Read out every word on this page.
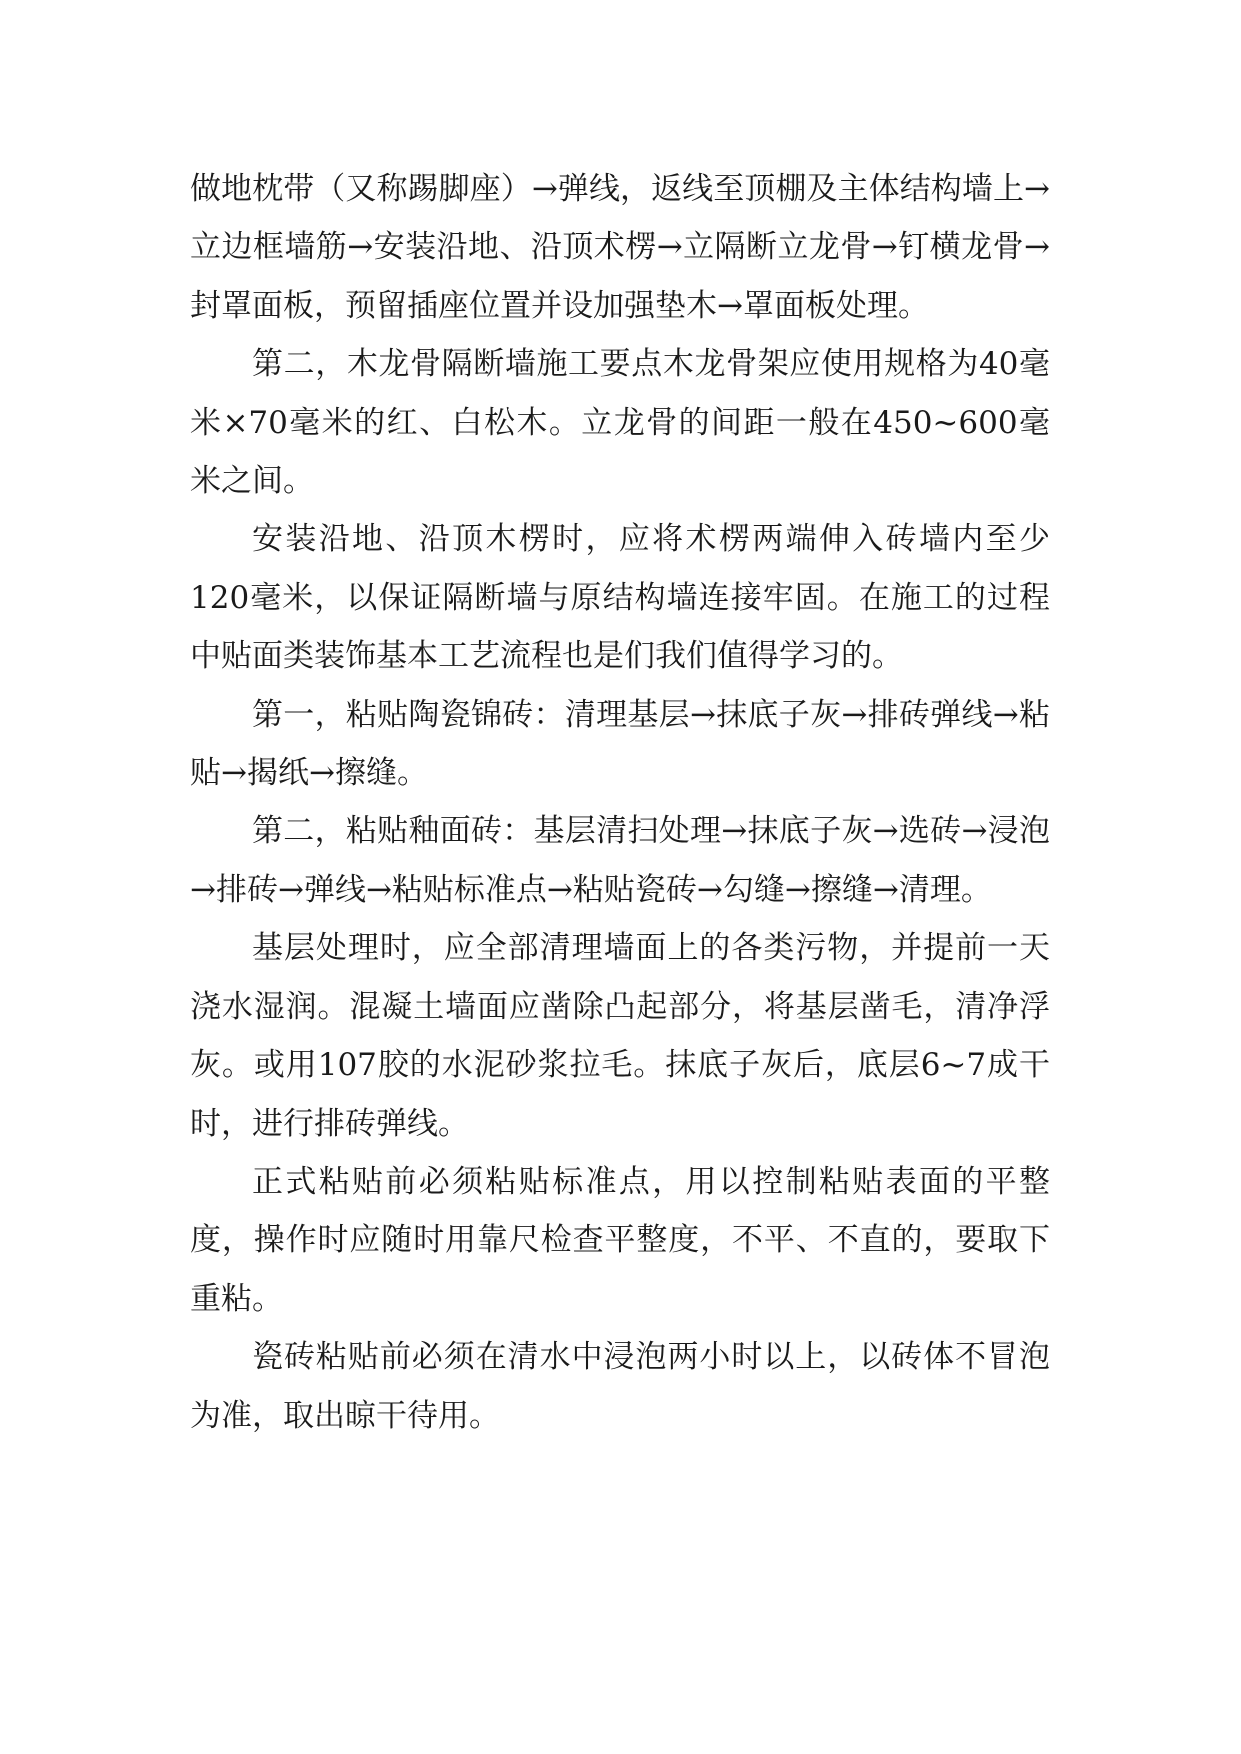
做地枕带（又称踢脚座）→弹线，返线至顶棚及主体结构墙上→立边框墙筋→安装沿地、沿顶术楞→立隔断立龙骨→钉横龙骨→封罩面板，预留插座位置并设加强垫木→罩面板处理。

第二，木龙骨隔断墙施工要点木龙骨架应使用规格为40毫米×70毫米的红、白松木。立龙骨的间距一般在450~600毫米之间。

安装沿地、沿顶木楞时，应将术楞两端伸入砖墙内至少120毫米，以保证隔断墙与原结构墙连接牢固。在施工的过程中贴面类装饰基本工艺流程也是们我们值得学习的。

第一，粘贴陶瓷锦砖：清理基层→抹底子灰→排砖弹线→粘贴→揭纸→擦缝。

第二，粘贴釉面砖：基层清扫处理→抹底子灰→选砖→浸泡→排砖→弹线→粘贴标准点→粘贴瓷砖→勾缝→擦缝→清理。

基层处理时，应全部清理墙面上的各类污物，并提前一天浇水湿润。混凝土墙面应凿除凸起部分，将基层凿毛，清净浮灰。或用107胶的水泥砂浆拉毛。抹底子灰后，底层6~7成干时，进行排砖弹线。

正式粘贴前必须粘贴标准点，用以控制粘贴表面的平整度，操作时应随时用靠尺检查平整度，不平、不直的，要取下重粘。

瓷砖粘贴前必须在清水中浸泡两小时以上，以砖体不冒泡为准，取出晾干待用。
